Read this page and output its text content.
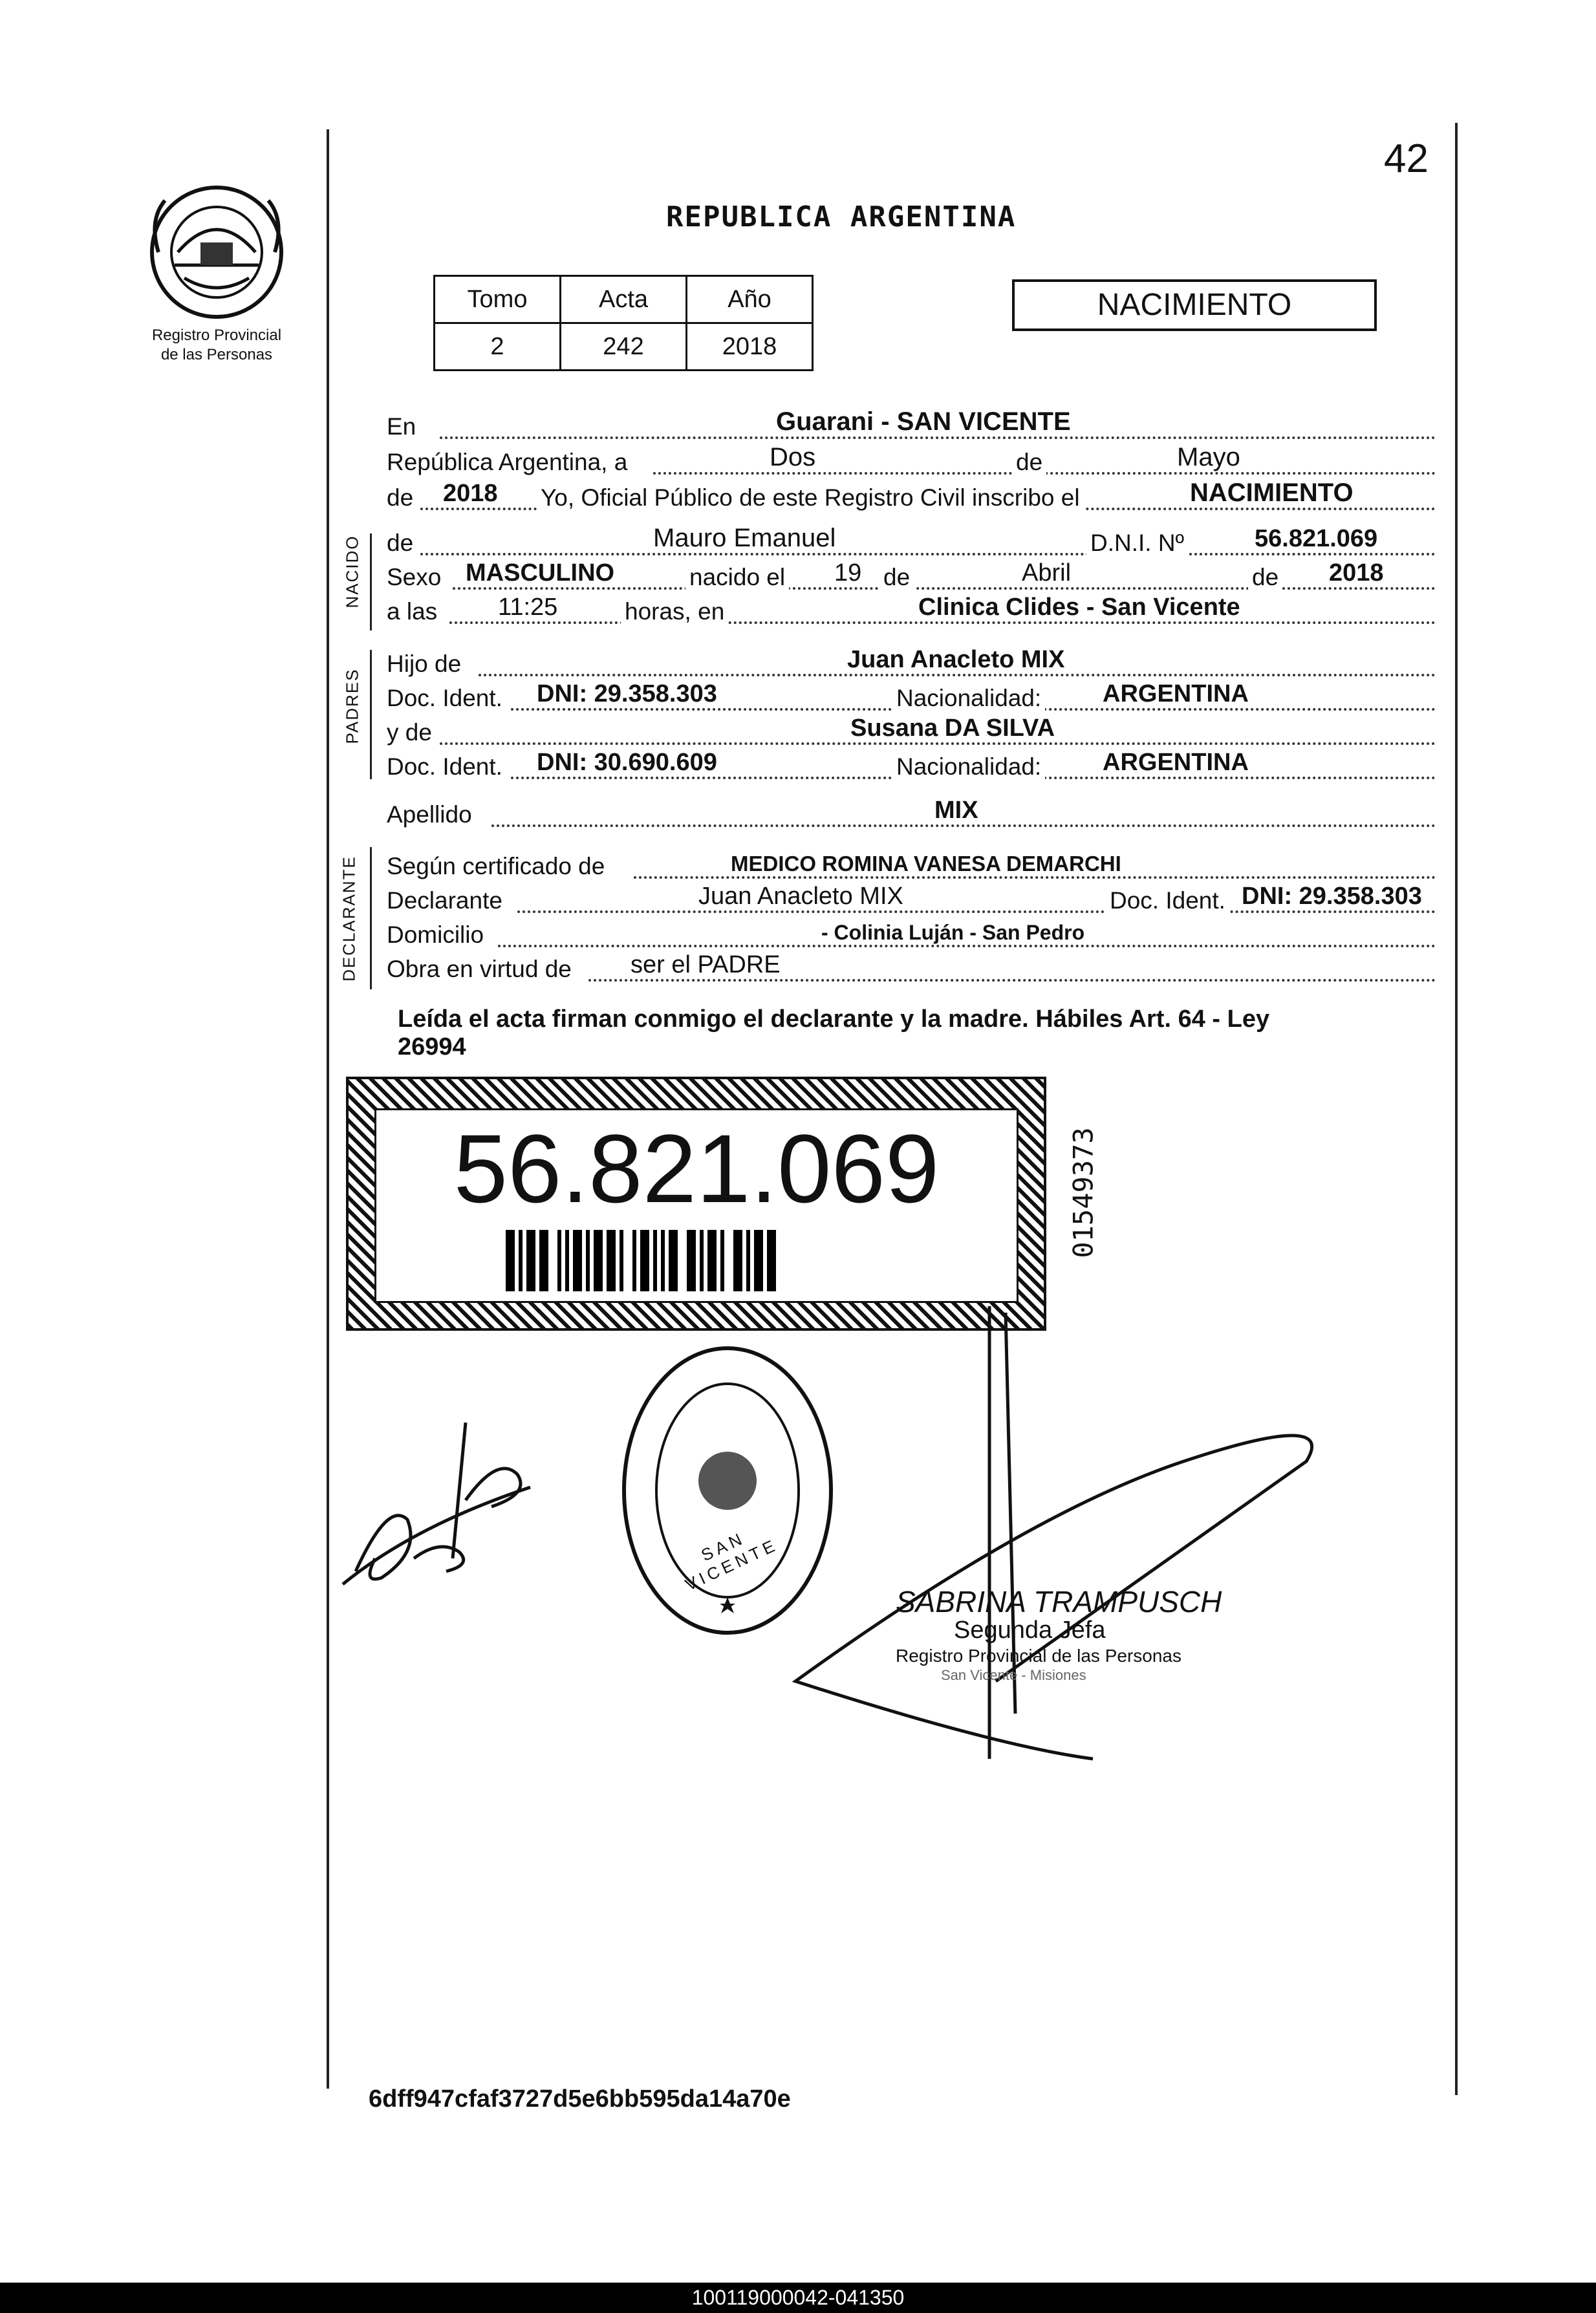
42
Registro Provincial
de las Personas
REPUBLICA ARGENTINA
Tomo	Acta	Año
2	242	2018
NACIMIENTO
En	Guarani - SAN VICENTE
República Argentina, a	Dos	de	Mayo
de 2018 Yo, Oficial Público de este Registro Civil inscribo el	NACIMIENTO
NACIDO de	Mauro Emanuel	D.N.I. Nº	56.821.069
Sexo MASCULINO	nacido el 19 de	Abril	de 2018
a las 11:25	horas, en	Clinica Clides - San Vicente
PADRES
Hijo de	Juan Anacleto MIX
Doc. Ident. DNI: 29.358.303	Nacionalidad: ARGENTINA
y de	Susana DA SILVA
Doc. Ident. DNI: 30.690.609	Nacionalidad: ARGENTINA
Apellido	MIX
DECLARANTE Según certificado de	MEDICO ROMINA VANESA DEMARCHI
Declarante	Juan Anacleto MIX	Doc. Ident. DNI: 29.358.303
Domicilio	- Colinia Luján - San Pedro
Obra en virtud de ser el PADRE
Leída el acta firman conmigo el declarante y la madre. Hábiles Art. 64 - Ley
26994
56.821.069	01549373
SAN VICENTE
SABRINA TRAMPUSCH
Segunda Jefa
Registro Provincial de las Personas
San Vicente - Misiones
6dff947cfaf3727d5e6bb595da14a70e
100119000042-041350
